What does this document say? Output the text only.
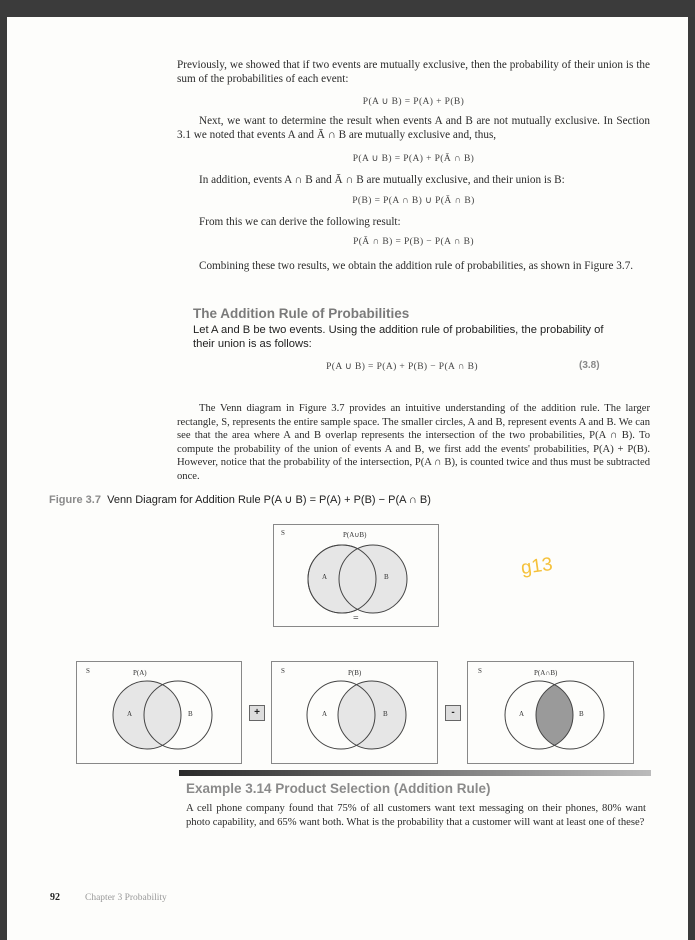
Previously, we showed that if two events are mutually exclusive, then the probability of their union is the sum of the probabilities of each event:
P(A ∪ B) = P(A) + P(B)
Next, we want to determine the result when events A and B are not mutually exclusive. In Section 3.1 we noted that events A and Ā ∩ B are mutually exclusive and, thus,
P(A ∪ B) = P(A) + P(Ā ∩ B)
In addition, events A ∩ B and Ā ∩ B are mutually exclusive, and their union is B:
P(B) = P(A ∩ B) ∪ P(Ā ∩ B)
From this we can derive the following result:
P(Ā ∩ B) = P(B) − P(A ∩ B)
Combining these two results, we obtain the addition rule of probabilities, as shown in Figure 3.7.
The Addition Rule of Probabilities
Let A and B be two events. Using the addition rule of probabilities, the probability of their union is as follows:
P(A ∪ B) = P(A) + P(B) − P(A ∩ B)	(3.8)
The Venn diagram in Figure 3.7 provides an intuitive understanding of the addition rule. The larger rectangle, S, represents the entire sample space. The smaller circles, A and B, represent events A and B. We can see that the area where A and B overlap represents the intersection of the two probabilities, P(A ∩ B). To compute the probability of the union of events A and B, we first add the events' probabilities, P(A) + P(B). However, notice that the probability of the intersection, P(A ∩ B), is counted twice and thus must be subtracted once.
Figure 3.7 Venn Diagram for Addition Rule P(A ∪ B) = P(A) + P(B) − P(A ∩ B)
S	P(A∪B)
A	B	g13
=
S	P(A)
A	B	+
S	P(B)
A	B	-
S	P(A∩B)
A	B
Example 3.14 Product Selection (Addition Rule)
A cell phone company found that 75% of all customers want text messaging on their phones, 80% want photo capability, and 65% want both. What is the probability that a customer will want at least one of these?
92	Chapter 3 Probability
